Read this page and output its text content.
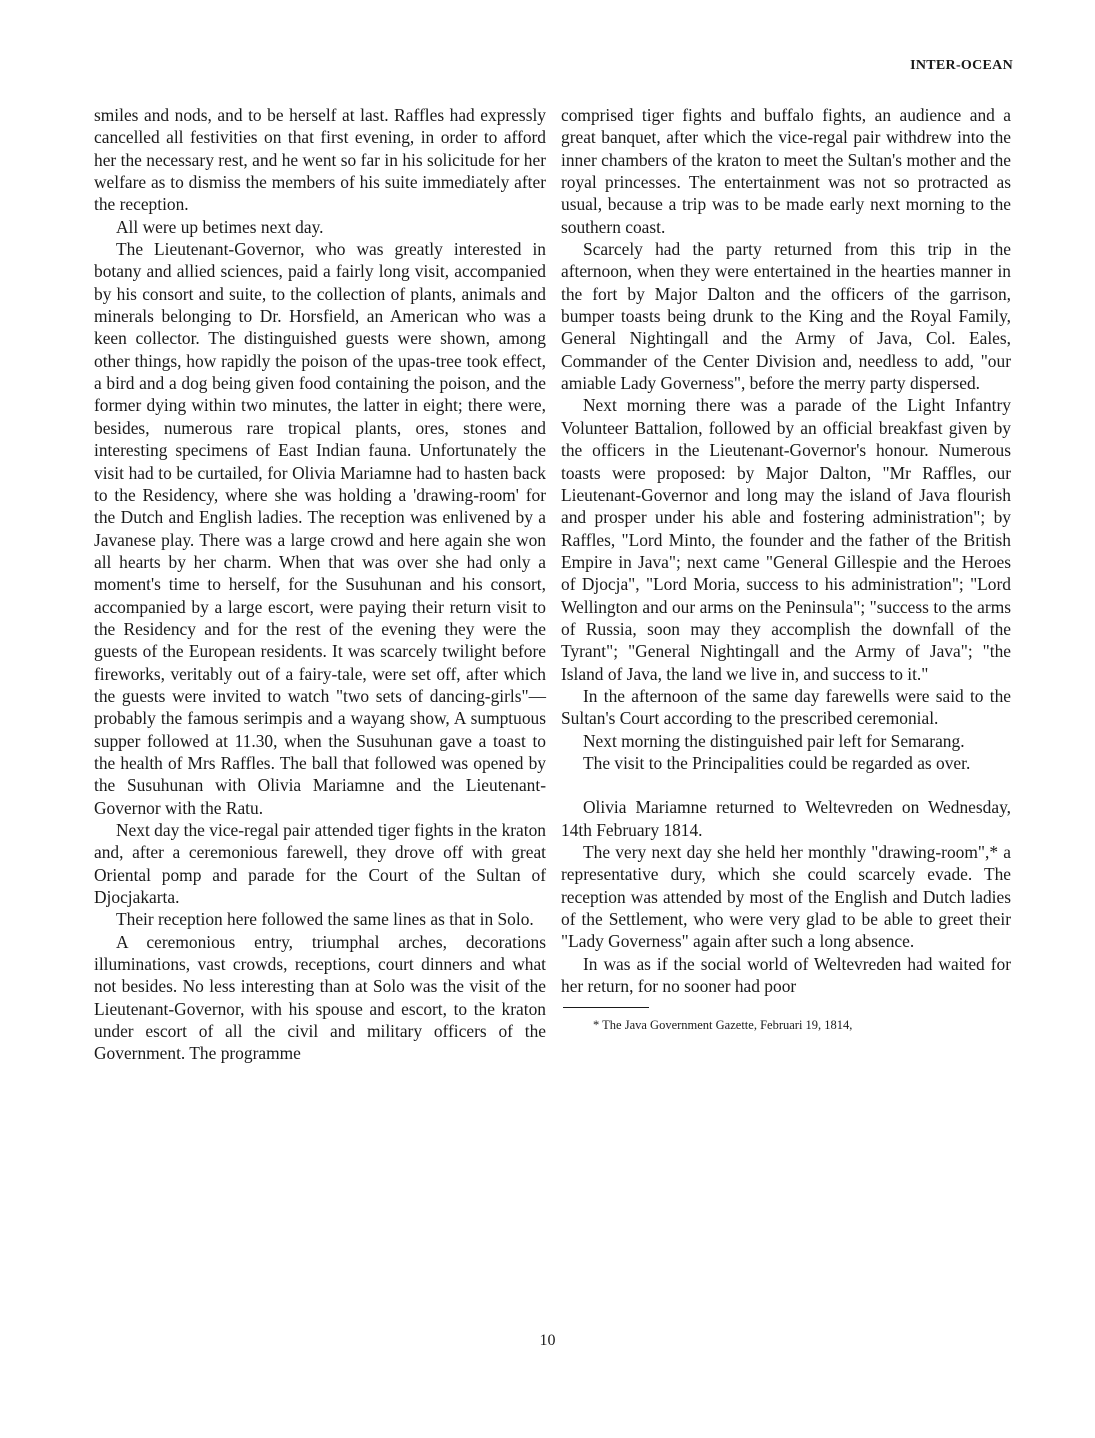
INTER-OCEAN

smiles and nods, and to be herself at last. Raffles had expressly cancelled all festivities on that first evening, in order to afford her the necessary rest, and he went so far in his solicitude for her welfare as to dismiss the members of his suite immediately after the reception.

All were up betimes next day.

The Lieutenant-Governor, who was greatly interested in botany and allied sciences, paid a fairly long visit, accompanied by his consort and suite, to the collection of plants, animals and minerals belonging to Dr. Horsfield, an American who was a keen collector. The distinguished guests were shown, among other things, how rapidly the poison of the upas-tree took effect, a bird and a dog being given food containing the poison, and the former dying within two minutes, the latter in eight; there were, besides, numerous rare tropical plants, ores, stones and interesting specimens of East Indian fauna. Unfortunately the visit had to be curtailed, for Olivia Mariamne had to hasten back to the Residency, where she was holding a 'drawing-room' for the Dutch and English ladies. The reception was enlivened by a Javanese play. There was a large crowd and here again she won all hearts by her charm. When that was over she had only a moment's time to herself, for the Susuhunan and his consort, accompanied by a large escort, were paying their return visit to the Residency and for the rest of the evening they were the guests of the European residents. It was scarcely twilight before fireworks, veritably out of a fairy-tale, were set off, after which the guests were invited to watch "two sets of dancing-girls"—probably the famous serimpis and a wayang show, A sumptuous supper followed at 11.30, when the Susuhunan gave a toast to the health of Mrs Raffles. The ball that followed was opened by the Susuhunan with Olivia Mariamne and the Lieutenant-Governor with the Ratu.

Next day the vice-regal pair attended tiger fights in the kraton and, after a ceremonious farewell, they drove off with great Oriental pomp and parade for the Court of the Sultan of Djocjakarta.

Their reception here followed the same lines as that in Solo.

A ceremonious entry, triumphal arches, decorations illuminations, vast crowds, receptions, court dinners and what not besides. No less interesting than at Solo was the visit of the Lieutenant-Governor, with his spouse and escort, to the kraton under escort of all the civil and military officers of the Government. The programme

comprised tiger fights and buffalo fights, an audience and a great banquet, after which the vice-regal pair withdrew into the inner chambers of the kraton to meet the Sultan's mother and the royal princesses. The entertainment was not so protracted as usual, because a trip was to be made early next morning to the southern coast.

Scarcely had the party returned from this trip in the afternoon, when they were entertained in the hearties manner in the fort by Major Dalton and the officers of the garrison, bumper toasts being drunk to the King and the Royal Family, General Nightingall and the Army of Java, Col. Eales, Commander of the Center Division and, needless to add, "our amiable Lady Governess", before the merry party dispersed.

Next morning there was a parade of the Light Infantry Volunteer Battalion, followed by an official breakfast given by the officers in the Lieutenant-Governor's honour. Numerous toasts were proposed: by Major Dalton, "Mr Raffles, our Lieutenant-Governor and long may the island of Java flourish and prosper under his able and fostering administration"; by Raffles, "Lord Minto, the founder and the father of the British Empire in Java"; next came "General Gillespie and the Heroes of Djocja", "Lord Moria, success to his administration"; "Lord Wellington and our arms on the Peninsula"; "success to the arms of Russia, soon may they accomplish the downfall of the Tyrant"; "General Nightingall and the Army of Java"; "the Island of Java, the land we live in, and success to it."

In the afternoon of the same day farewells were said to the Sultan's Court according to the prescribed ceremonial.

Next morning the distinguished pair left for Semarang.

The visit to the Principalities could be regarded as over.

Olivia Mariamne returned to Weltevreden on Wednesday, 14th February 1814.

The very next day she held her monthly "drawing-room",* a representative dury, which she could scarcely evade. The reception was attended by most of the English and Dutch ladies of the Settlement, who were very glad to be able to greet their "Lady Governess" again after such a long absence.

In was as if the social world of Weltevreden had waited for her return, for no sooner had poor

* The Java Government Gazette, Februari 19, 1814,

10
